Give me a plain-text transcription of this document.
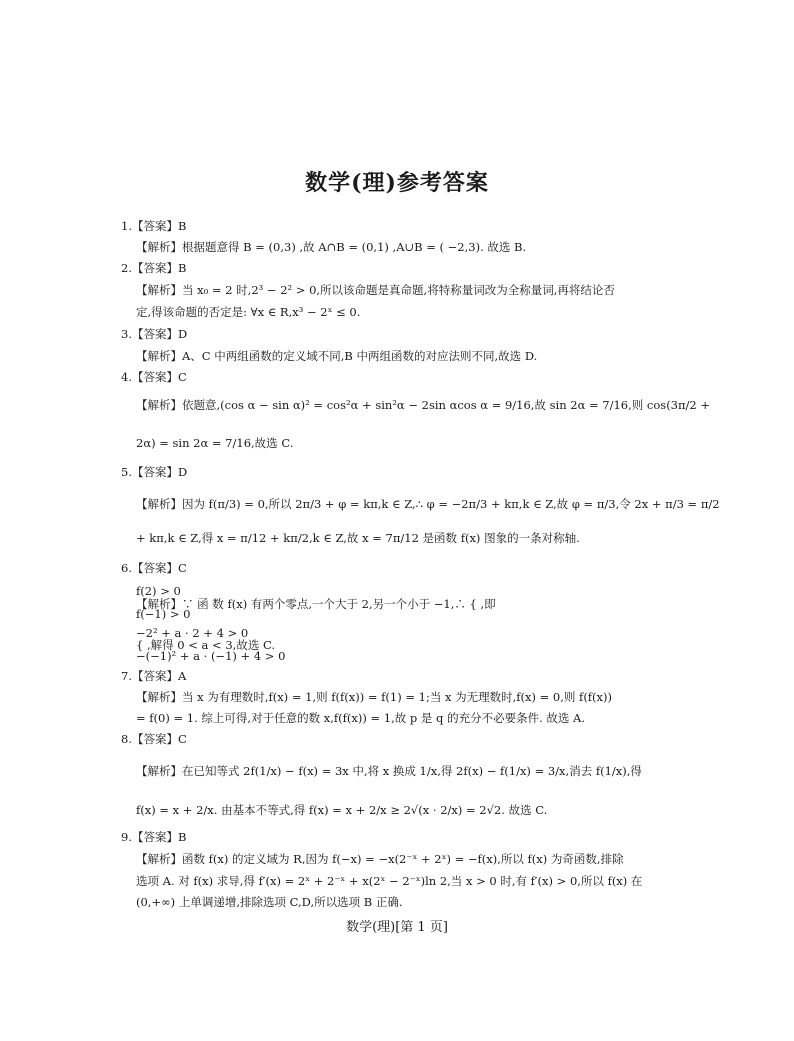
数学(理)参考答案
1.【答案】B
【解析】根据题意得 B = (0,3) ,故 A∩B = (0,1) ,A∪B = ( −2,3). 故选 B.
2.【答案】B
【解析】当 x₀ = 2 时,2³ − 2² > 0,所以该命题是真命题,将特称量词改为全称量词,再将结论否
定,得该命题的否定是: ∀x ∈ R,x³ − 2ˣ ≤ 0.
3.【答案】D
【解析】A、C 中两组函数的定义域不同,B 中两组函数的对应法则不同,故选 D.
4.【答案】C
【解析】依题意,(cos α − sin α)² = cos²α + sin²α − 2sin αcos α = 9/16,故 sin 2α = 7/16,则 cos(3π/2 +
2α) = sin 2α = 7/16,故选 C.
5.【答案】D
【解析】因为 f(π/3) = 0,所以 2π/3 + φ = kπ,k ∈ Z,∴ φ = −2π/3 + kπ,k ∈ Z,故 φ = π/3,令 2x + π/3 = π/2
+ kπ,k ∈ Z,得 x = π/12 + kπ/2,k ∈ Z,故 x = 7π/12 是函数 f(x) 图象的一条对称轴.
6.【答案】C
f(2) > 0
【解析】∵ 函 数 f(x) 有两个零点,一个大于 2,另一个小于 −1,∴ { ,即
f(−1) > 0
−2² + a · 2 + 4 > 0
{ ,解得 0 < a < 3,故选 C.
−(−1)² + a · (−1) + 4 > 0
7.【答案】A
【解析】当 x 为有理数时,f(x) = 1,则 f(f(x)) = f(1) = 1;当 x 为无理数时,f(x) = 0,则 f(f(x))
= f(0) = 1. 综上可得,对于任意的数 x,f(f(x)) = 1,故 p 是 q 的充分不必要条件. 故选 A.
8.【答案】C
【解析】在已知等式 2f(1/x) − f(x) = 3x 中,将 x 换成 1/x,得 2f(x) − f(1/x) = 3/x,消去 f(1/x),得
f(x) = x + 2/x. 由基本不等式,得 f(x) = x + 2/x ≥ 2√(x · 2/x) = 2√2. 故选 C.
9.【答案】B
【解析】函数 f(x) 的定义域为 R,因为 f(−x) = −x(2⁻ˣ + 2ˣ) = −f(x),所以 f(x) 为奇函数,排除
选项 A. 对 f(x) 求导,得 f′(x) = 2ˣ + 2⁻ˣ + x(2ˣ − 2⁻ˣ)ln 2,当 x > 0 时,有 f′(x) > 0,所以 f(x) 在
(0,+∞) 上单调递增,排除选项 C,D,所以选项 B 正确.
数学(理)[第 1 页]
